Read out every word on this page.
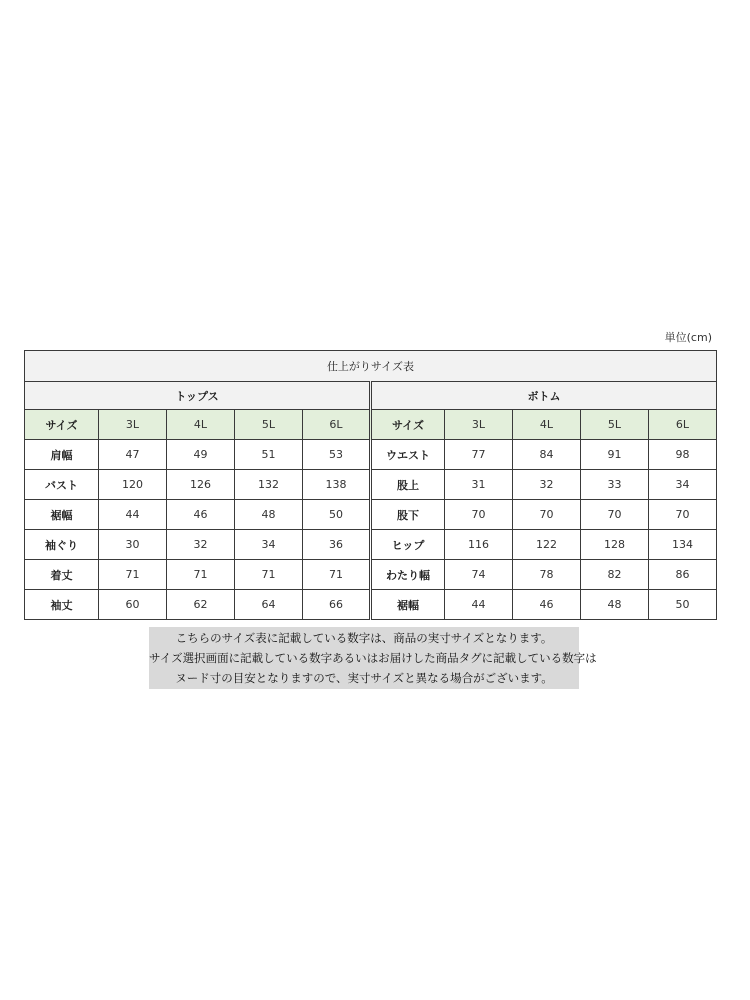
単位(cm)
仕上がりサイズ表									
トップス					ボトム				
サイズ	3L	4L	5L	6L	サイズ	3L	4L	5L	6L
肩幅	47	49	51	53	ウエスト	77	84	91	98
バスト	120	126	132	138	股上	31	32	33	34
裾幅	44	46	48	50	股下	70	70	70	70
袖ぐり	30	32	34	36	ヒップ	116	122	128	134
着丈	71	71	71	71	わたり幅	74	78	82	86
袖丈	60	62	64	66	裾幅	44	46	48	50
こちらのサイズ表に記載している数字は、商品の実寸サイズとなります。
サイズ選択画面に記載している数字あるいはお届けした商品タグに記載している数字は
ヌード寸の目安となりますので、実寸サイズと異なる場合がございます。
